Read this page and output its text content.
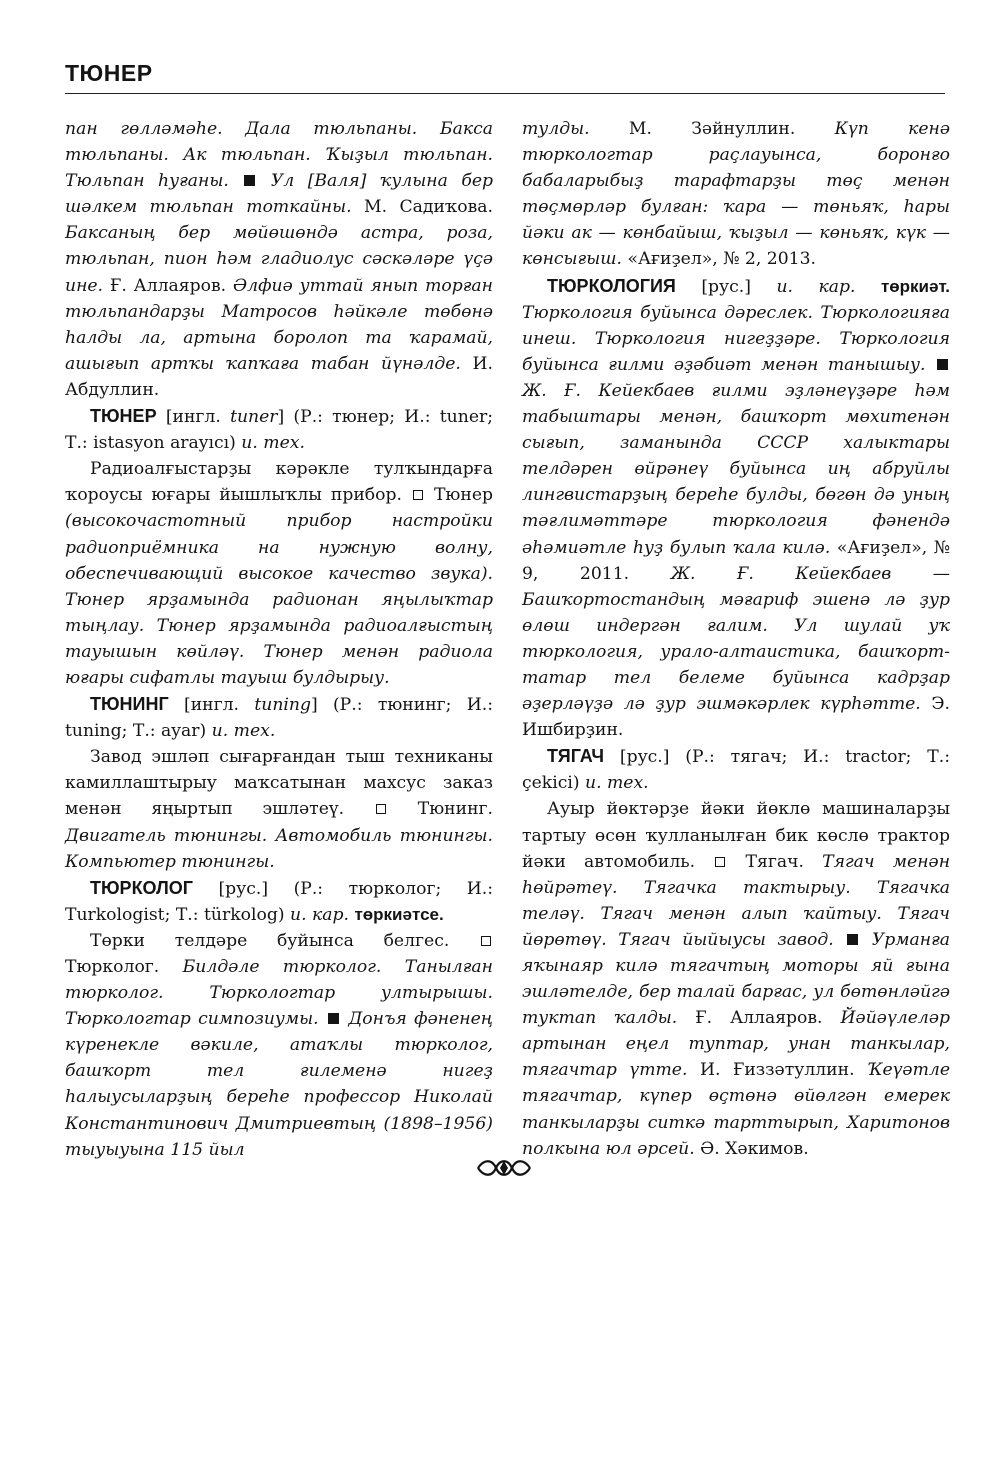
ТЮНЕР

пан гөлләмәһе. Дала тюльпаны. Бакса тюльпаны. Ак тюльпан. Ҡыҙыл тюльпан. Тюльпан һуғаны. Ул [Валя] ҡулына бер шәлкем тюльпан тоткайны. М. Садиҡова. Баксаның бер мөйөшөндә астра, роза, тюльпан, пион һәм гладиолус сәскәләре үҫә ине. Ғ. Аллаяров. Әлфиә уттай янып торған тюльпандарҙы Матросов һәйкәле төбөнә һалды ла, артына боролоп та ҡарамай, ашығып артҡы ҡапҡаға табан йүнәлде. И. Абдуллин.

ТЮНЕР [ингл. tuner] (Р.: тюнер; И.: tuner; Т.: istasyon arayıcı) и. тех.

Радиоалғыстарҙы кәрәкле тулҡындарға ҡороусы юғары йышлыҡлы прибор. Тюнер (высокочастотный прибор настройки радиоприёмника на нужную волну, обеспечивающий высокое качество звука). Тюнер ярҙамында радионан яңылыҡтар тыңлау. Тюнер ярҙамында радиоалғыстың тауышын көйләү. Тюнер менән радиола юғары сифатлы тауыш булдырыу.

ТЮНИНГ [ингл. tuning] (Р.: тюнинг; И.: tuning; Т.: ayar) и. тех.

Завод эшләп сығарғандан тыш техниканы камиллаштырыу маҡсатынан махсус заказ менән яңыртып эшләтеү.	Тюнинг. Двигатель тюнингы. Автомобиль тюнингы. Компьютер тюнингы.

ТЮРКОЛОГ [рус.] (Р.: тюрколог; И.: Turkologist; Т.: türkolog) и. кар. төркиәтсе.

Төрки телдәре буйынса белгес.  Тюрколог. Билдәле тюрколог. Танылған тюрколог. Тюркологтар ултырышы. Тюркологтар симпозиумы. Донъя фәненең күренекле вәкиле, атаҡлы тюрколог, башҡорт тел ғилеменә нигеҙ һалыусыларҙың береһе профессор Николай Константинович Дмитриевтың (1898–1956) тыуыуына 115 йыл

тулды. М. Зәйнуллин. Күп кенә тюркологтар раҫлауынса, боронғо бабаларыбыҙ тарафтарҙы төҫ менән төҫмөрләр булған: ҡара — төньяҡ, һары йәки ак — көнбайыш, ҡыҙыл — көньяҡ, күк — көнсығыш. «Ағиҙел», № 2, 2013.

ТЮРКОЛОГИЯ [рус.] и. кар. төркиәт. Тюркология буйынса дәреслек. Тюркологияға инеш. Тюркология нигеҙҙәре. Тюркология буйынса ғилми әҙәбиәт менән танышыу.  Ж. Ғ. Кейекбаев ғилми эҙләнеүҙәре һәм табыштары менән, башҡорт мөхитенән сығып, заманында СССР халыктары телдәрен өйрәнеү буйынса иң абруйлы лингвистарҙың береһе булды, бөгөн дә уның тәғлимәттәре тюркология фәнендә әһәмиәтле һуҙ булып ҡала килә. «Ағиҙел», № 9, 2011. Ж. Ғ. Кейекбаев — Башҡортостандың мәғариф эшенә лә ҙур өлөш индергән ғалим. Ул шулай уҡ тюркология, урало-алтаистика, башҡорт-татар тел белеме буйынса кадрҙар әҙерләүҙә лә ҙур эшмәкәрлек күрһәтте. Э. Ишбирҙин.

ТЯГАЧ [рус.] (Р.: тягач; И.: tractor; Т.: çekici) и. тех.

Ауыр йөктәрҙе йәки йөклө машиналарҙы тартыу өсөн ҡулланылған бик көслө трактор йәки автомобиль.	Тягач. Тягач менән һөйрәтеү. Тягачка тактырыу. Тягачка теләү. Тягач менән алып ҡайтыу. Тягач йөрөтөү. Тягач йыйыусы завод. Урманға яҡынаяр килә тягачтың моторы яй ғына эшләтелде, бер талай барғас, ул бөтөнләйгә туктап ҡалды. Ғ. Аллаяров. Йәйәүлеләр артынан еңел туптар, унан танкылар, тягачтар үтте. И. Ғиззәтуллин. Ҡеүәтле тягачтар, күпер өҫтөнә өйөлгән емерек танкыларҙы ситкә тарттырып, Харитонов полкына юл әрсей. Ә. Хәкимов.
